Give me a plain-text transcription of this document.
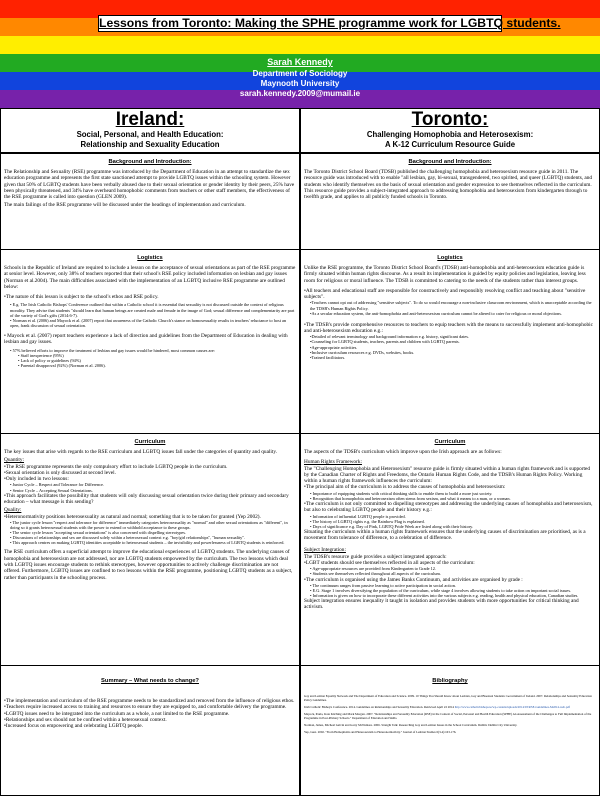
Lessons from Toronto: Making the SPHE programme work for LGBTQ students.
Sarah Kennedy
Department of Sociology
Maynooth University
sarah.kennedy.2009@mumail.ie
Ireland:
Social, Personal, and Health Education:
Relationship and Sexuality Education
Background and Introduction:
The Relationship and Sexuality (RSE) programme was introduced by the Department of Education in an attempt to standardize the sex education programme and represents the first state sanctioned attempt to provide LGBTQ issues within the schooling system. However given that 50% of LGBTQ students have been verbally abused due to their sexual orientation or gender identity by their peers, 25% have been physically threatened, and 34% have overheard homophobic comments from teachers or other staff members, the effectiveness of the RSE programme is called into question (GLEN 2009).
The main failings of the RSE programme will be discussed under the headings of implementation and curriculum.
Logistics
Schools in the Republic of Ireland are required to include a lesson on the acceptance of sexual orientations as part of the RSE programme at senior level. However, only 38% of teachers reported that their school's RSE policy included information on lesbian and gay issues (Norman et al.2004). The main difficulties associated with the implementation of an LGBTQ inclusive RSE programme are outlined below:
•The nature of this lesson is subject to the school's ethos and RSE policy.
• E.g. The Irish Catholic Bishops' Conference outlined that within a Catholic school it is essential that sexuality is not discussed outside the context of religious morality. They advise that students "should learn that human beings are created male and female in the image of God; sexual difference and complementarity are part of the variety of God's gifts (2014:6-7).
• Norman et al. (2006) and Mayock et al. (2007) report that awareness of the Catholic Church's stance on homosexuality results in teachers' reluctance to host an open, frank discussion of sexual orientation.
• Mayock et al. (2007) report teachers experience a lack of direction and guidelines from the Department of Education in dealing with lesbian and gay issues.
• 57% believed efforts to improve the treatment of lesbian and gay issues would be hindered, most common causes are:
• Staff inexperience (95%)
• Lack of policy or guidelines (94%)
• Parental disapproval (92%) (Norman et al. 2006).
Curriculum
The key issues that arise with regards to the RSE curriculum and LGBTQ issues fall under the categories of quantity and quality.
Quantity:
•The RSE programme represents the only compulsory effort to include LGBTQ people in the curriculum.
•Sexual orientation is only discussed at second level.
•Only included in two lessons:
• Junior Cycle – Respect and Tolerance for Difference.
• Senior Cycle – Accepting Sexual Orientations.
•This approach facilitates the possibility that students will only discussing sexual orientation twice during their primary and secondary education – what message is this sending?
Quality:
•Heteronormativity positions heterosexuality as natural and normal; something that is to be taken for granted (Yep 2002).
• The junior cycle lesson "respect and tolerance for difference" immediately categories heterosexuality as "normal" and other sexual orientations as "different", in doing so it grants heterosexual students with the power to extend or withhold acceptance to these groups.
• The senior cycle lesson "accepting sexual orientations" is also concerned with dispelling stereotypes.
• Discussions of relationships and sex are discussed solely within a heterosexual context e.g. "boy/girl relationships", "human sexuality".
• This approach centres on making LGBTQ identities acceptable to heterosexual students – the invisibility and powerlessness of LGBTQ students is reinforced.
The RSE curriculum offers a superficial attempt to improve the educational experiences of LGBTQ students. The underlying causes of homophobia and heterosexism are not addressed, nor are LGBTQ students empowered by the curriculum. The two lessons which deal with LGBTQ issues encourage students to rethink stereotypes, however opportunities to actively challenge discrimination are not offered. Furthermore, LGBTQ issues are confined to two lessons within the RSE programme, positioning LGBTQ students as a subject, rather than participants in the schooling process.
Summary – What needs to change?
•The implementation and curriculum of the RSE programme needs to be standardized and removed from the influence of religious ethos.
•Teachers require increased access to training and resources to ensure they are equipped to, and comfortable delivery the programme.
•LGBTQ issues need to be integrated into the curriculum as a whole, a not limited to the RSE programme.
•Relationships and sex should not be confined within a heterosexual context.
•Increased focus on empowering and celebrating LGBTQ people.
Toronto:
Challenging Homophobia and Heterosexism:
A K-12 Curriculum Resource Guide
Background and Introduction:
The Toronto District School Board (TDSB) published the challenging homophobia and heterosexism resource guide in 2011. The resource guide was introduced with to enable "all lesbian, gay, bi-sexual, transgendered, two spirited, and queer (LGBTQ) students, and students who identify themselves on the basis of sexual orientation and gender expression to see themselves reflected in the curriculum. This resource guide provides a subject-integrated approach to addressing homophobia and heterosexism from kindergarten through to twelfth grade, and applies to all publicly funded schools in Toronto.
Logistics
Unlike the RSE programme, the Toronto District School Board's (TDSB) anti-homophobia and anti-heterosexism education guide is firmly situated within human rights discourse. As a result its implementation is guided by equity policies and legislation, leaving less room for religious or moral influence. The TDSB is committed to catering to the needs of the students rather than interest groups.
•All teachers and educational staff are responsible for constructively and responsibly resolving conflict and teaching about "sensitive subjects".
•Teachers cannot opt out of addressing "sensitive subjects". To do so would encourage a non-inclusive classroom environment, which is unacceptable according the the TDSB's Human Rights Policy.
•As a secular education system, the anti-homophobia and anti-heterosexism curriculum cannot be altered to cater for religious or moral objections.
•The TDSB's provide comprehensive resources to teachers to equip teachers with the means to successfully implement anti-homophobic and anti-heterosexism education e.g.:
•Detailed of relevant terminology and background information e.g. history, significant dates.
•Counseling for LGBTQ students, teachers, parents and children with LGBTQ parents.
•Age-appropriate activities.
•Inclusive curriculum resources e.g. DVDs, websites, books.
•Trained facilitators.
Curriculum
The aspects of the TDSB's curriculum which improve upon the Irish approach are as follows:
Human Rights Framework:
The "Challenging Homophobia and Heterosexism" resource guide is firmly situated within a human rights framework and is supported by the Canadian Charter of Rights and Freedoms, the Ontario Human Rights Code, and the TDSB's Human Rights Policy. Working within a human rights framework influences the curriculum:
•The principal aim of the curriculum is to address the causes of homophobia and heterosexism:
• Importance of equipping students with critical thinking skills to enable them to build a more just society.
• Recognition that homophobia and heterosexism often stems from sexism, and what it means to a man, or a woman.
•The curriculum is not only committed to dispelling stereotypes and addressing the underlying causes of homophobia and heterosexism, but also to celebrating LGBTQ people and their history e.g.:
• Information of influential LGBTQ people is provided.
• The history of LGBTQ rights e.g. the Rainbow Flag is explained.
• Days of significance e.g. Day of Pink, LGBTQ Pride Week are listed along with their history.
Situating the curriculum within a human rights framework ensures that the underlying causes of discrimination are prioritised, as is a movement from tolerance of difference, to a celebration of difference.
Subject Integration:
The TDSB's resource guide provides a subject integrated approach:
•LGBT students should see themselves reflected in all aspects of the curriculum:
• Age-appropriate resources are provided from Kindergarten to Grade 12.
• Students see themselves reflected throughout all aspects of the curriculum.
•The curriculum is organised using the James Banks Continuum, and activities are organised by grade :
• The continuum ranges from passive learning to active participation in social action.
• E.G. Stage 1 involves diversifying the population of the curriculum, while stage 4 involves allowing students to take action on important social issues.
• Information is given on how to incorporate these different activities into the various subjects e.g. reading, health and physical education, Canadian studies.
Subject integration ensures inequality it taught in isolation and provides students with more opportunities for critical thinking and activism.
Bibliography
Gay and Lesbian Equality Network and The Department of Education and Science. 2009. 10 Things You Should Know about Lesbian, Gay and Bisexual Students: Government of Ireland. 2007. Relationships and Sexuality Education Policy Guidelines.
Irish Catholic Bishop's Conference. 2014. Guidelines on Relationships and Sexuality Education. Retrieved April 22 2014 http://www.catholicbishops.ie/wp-content/uploads/2014/03/RSE-Guidelines-Mo814-web.pdf
Mayock, Paula, Kate Kitching and Mark Morgan. 2007. "Relationships and Sexuality Education (RSE) in the Context of Social, Personal and Health Education (SPHE) An Assessment of the Challenges to Full Implementation of the Programme in Post-Primary Schools." Department of Education and Skills.
Norman, James, Micheal Galvin and Garry McNamara. 2006. Straight Talk: Researching Gay and Lesbian Issues in the School Curriculum. Dublin: Dublin City University.
Yep, Gust. 2002. "From Homophobia and Heterosexism to Heteronormativity." Journal of Lesbian Studies 6(3-4):163-176.
